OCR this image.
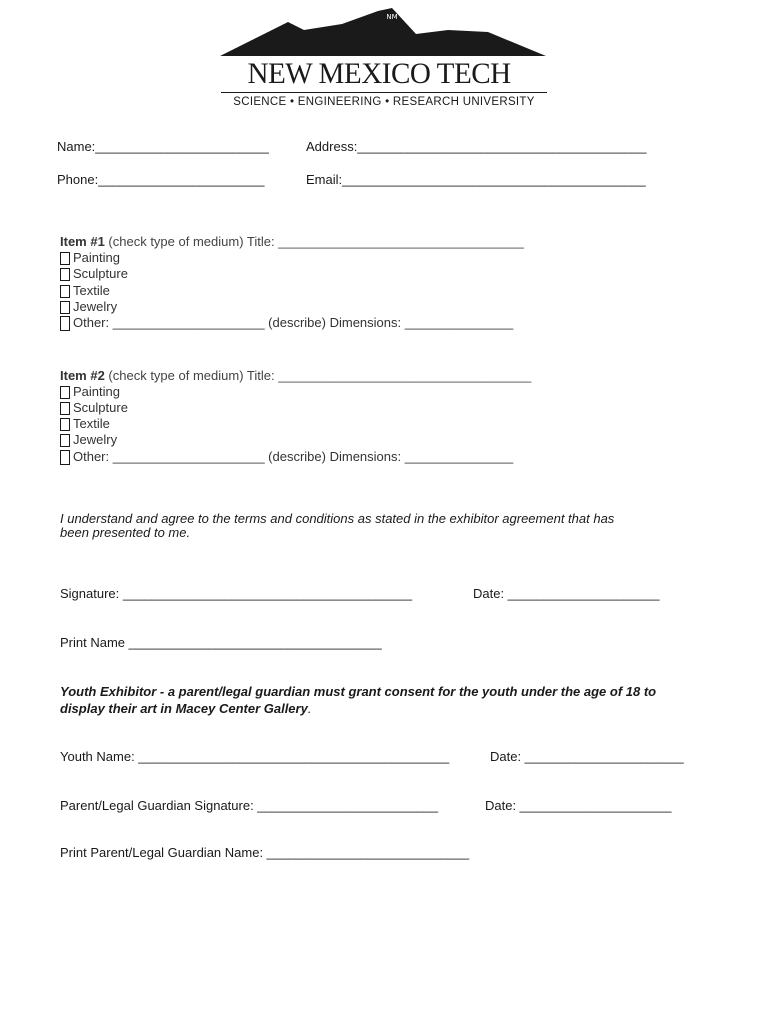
NM
NEW MEXICO TECH
SCIENCE • ENGINEERING • RESEARCH UNIVERSITY
Name:________________________	Address:________________________________________
Phone:_______________________	Email:__________________________________________
Item #1 (check type of medium) Title: __________________________________
Painting
Sculpture
Textile
Jewelry
Other: _____________________ (describe) Dimensions: _______________
Item #2 (check type of medium) Title: ___________________________________
Painting
Sculpture
Textile
Jewelry
Other: _____________________ (describe) Dimensions: _______________
I understand and agree to the terms and conditions as stated in the exhibitor agreement that has
been presented to me.
Signature: ________________________________________	Date: _____________________
Print Name ___________________________________
Youth Exhibitor - a parent/legal guardian must grant consent for the youth under the age of 18 to
display their art in Macey Center Gallery.
Youth Name: ___________________________________________	Date: ______________________
Parent/Legal Guardian Signature: _________________________	Date: _____________________
Print Parent/Legal Guardian Name: ____________________________
